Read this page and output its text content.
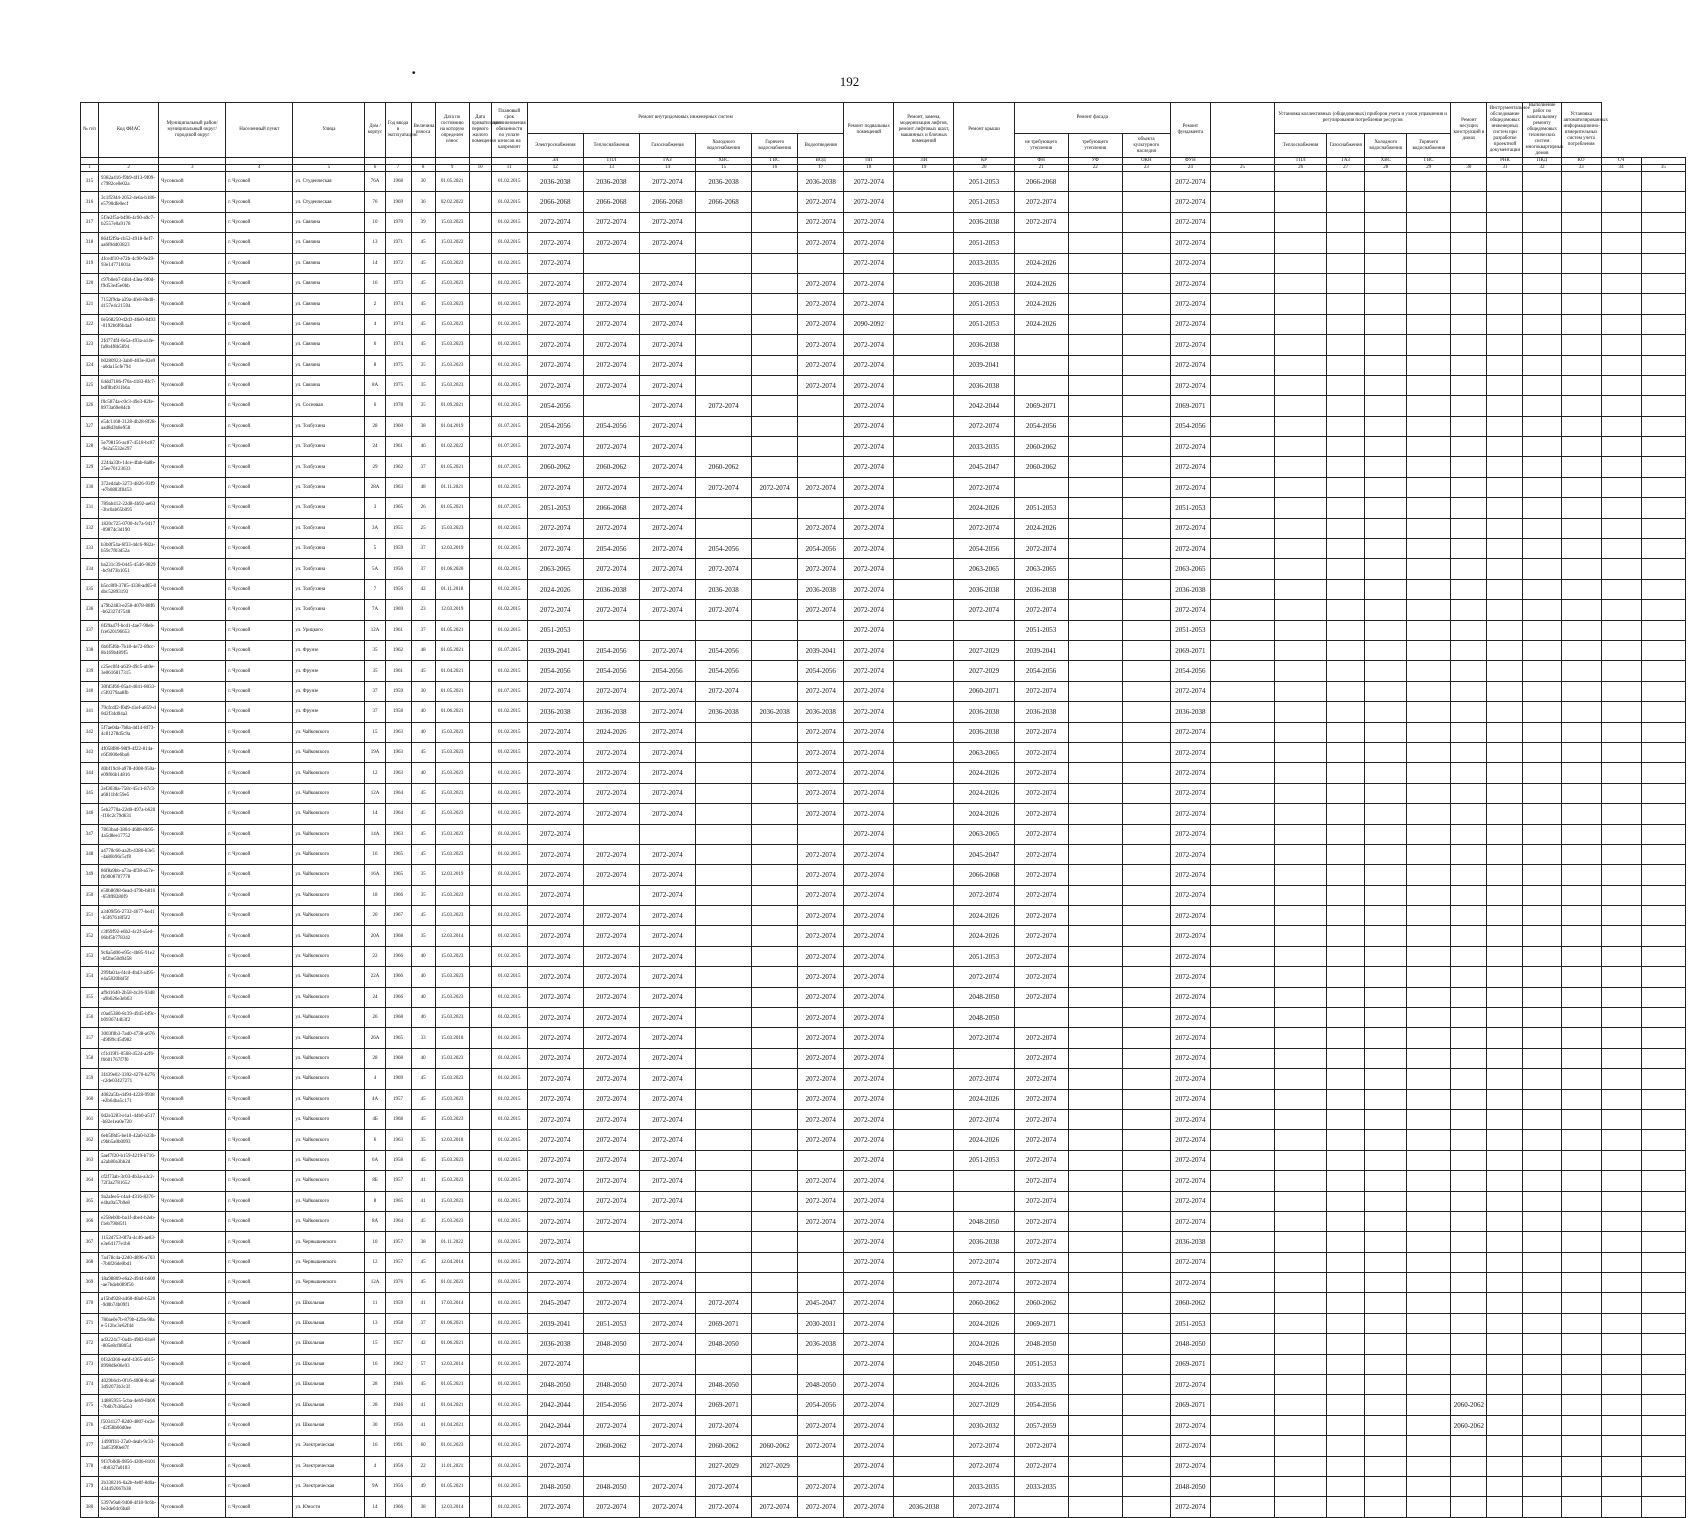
•
192
№ п/п	Код ФИАС	Муниципальный район/муниципальный округ/городской округ	Населенный пункт	Улица	Дом / корпус	Год ввода в эксплуатацию	Величина износа	Дата по состоянию на которую определен износ	Дата приватизации первого жилого помещения	Плановый срок возникновения обязанности по уплате взносов на капремонт	Ремонт внутридомовых инженерных систем						Ремонт подвальных помещений	Ремонт, замена, модернизация лифтов, ремонт лифтовых шахт, машинных и блочных помещений	Ремонт крыши	Ремонт фасада			Ремонт фундамента		Установка коллективных (общедомовых) приборов учета и узлов управления и регулирования потребления ресурсов				Ремонт несущих конструкций в домах	Инструментальное обследование общедомовых инженерных систем при разработке проектной документации	Выполнение работ по капитальному ремонту общедомовых технических систем многоквартирных домов	Установка автоматизированных информационно-измерительных систем учета потребления		
											Электроснабжения	Теплоснабжения	Газоснабжения	Холодного водоснабжения	Горячего водоснабжения	Водоотведения				не требующего утепления	требующего утепления	объекта культурного наследия			Теплоснабжения	Газоснабжения	Холодного водоснабжения	Горячего водоснабжения						
											ЭЛ	ТПЛ	ГАЗ	ХВС	ГВС	ВОД	ПП	ЛИ	КР	ФН	УФ	ОКН	ФУН		ТПЛ	ГАЗ	ХВС	ГВС		РНК	ПКД	КО	СЧ	
1	2	3	4	5	6	7	8	9	10	11	12	13	14	15	16	17	18	19	20	21	22	23	24	25	26	27	28	29	30	31	32	33	34	35
315	9382a416-f9b9-4f13-9f09-c7982ce0e02a	Чусовской	г. Чусовой	ул. Студенческая	76А	1968	30	01.05.2021		01.02.2015	2036-2038	2036-2038	2072-2074	2036-2038		2036-2038	2072-2074		2051-2053	2066-2068			2072-2074											
316	3c1f5944-2052-4e6a-b186-e5790dfe0ecf	Чусовской	г. Чусовой	ул. Студенческая	76	1969	36	02.02.2022		01.02.2015	2066-2068	2066-2068	2066-2068	2066-2068		2072-2074	2072-2074		2051-2053	2072-2074			2072-2074											
317	5f3e2f5a-b496-4c90-a9c7-b2557e0a9178	Чусовской	г. Чусовой	ул. Связина	10	1970	39	15.03.2023		01.02.2015	2072-2074	2072-2074	2072-2074			2072-2074	2072-2074		2036-2038	2072-2074			2072-2074											
318	864f2f9a-cb52-4918-9ef7-aa6f0dd03823	Чусовской	г. Чусовой	ул. Связина	13	1971	45	15.03.2022		01.02.2015	2072-2074	2072-2074	2072-2074			2072-2074	2072-2074		2051-2053				2072-2074											
319	4fce4f10-e72b-4c90-9e29-93e14771601a	Чусовской	г. Чусовой	ул. Связина	14	1972	45	15.03.2023		01.02.2015	2072-2074						2072-2074		2033-2035	2024-2026			2072-2074											
320	c97b0eb7-f484-43ea-9f0d-f9d53e45e0bb	Чусовской	г. Чусовой	ул. Связина	16	1973	45	15.03.2023		01.02.2015	2072-2074	2072-2074	2072-2074			2072-2074	2072-2074		2036-2038	2024-2026			2072-2074											
321	7152f9da-a39a-4fe8-8bd0-d157e4c21594	Чусовской	г. Чусовой	ул. Связина	2	1974	45	15.03.2023		01.02.2015	2072-2074	2072-2074	2072-2074			2072-2074	2072-2074		2051-2053	2024-2026			2072-2074											
322	6e568250-d2d3-46e0-8493-0192b6f6b4a4	Чусовской	г. Чусовой	ул. Связина	4	1974	45	15.03.2023		01.02.2015	2072-2074	2072-2074	2072-2074			2072-2074	2090-2092		2051-2053	2024-2026			2072-2074											
323	2fd774f4-0e5a-493a-a14e-fa9b4f8b5894	Чусовской	г. Чусовой	ул. Связина	6	1974	45	15.03.2023		01.02.2015	2072-2074	2072-2074	2072-2074			2072-2074	2072-2074		2036-2038				2072-2074											
324	b0280923-3ab0-403e-82e9-a0da15cfe794	Чусовской	г. Чусовой	ул. Связина	8	1975	35	15.03.2023		01.02.2015	2072-2074	2072-2074	2072-2074			2072-2074	2072-2074		2039-2041				2072-2074											
325	64dd7186-f70a-4183-8fc7-bdf0b4911b6a	Чусовской	г. Чусовой	ул. Связина	8А	1975	35	15.03.2023		01.02.2015	2072-2074	2072-2074	2072-2074			2072-2074	2072-2074		2036-2038				2072-2074											
326	f0c5874a-c0c3-49e3-82fe-8973a69e84cb	Чусовской	г. Чусовой	ул. Сосновая	6	1978	35	01.09.2021		01.02.2015	2054-2056		2072-2074	2072-2074			2072-2074		2042-2044	2069-2071			2069-2071											
327	e54c1168-3128-4b28-8f28-aad8d3b8e958	Чусовской	г. Чусовой	ул. Толбухина	28	1960	38	01.04.2019		01.07.2015	2054-2056	2054-2056	2072-2074				2072-2074		2072-2074	2054-2056			2054-2056											
328	5e798156-ac87-4518-bc87-9e2a5532e297	Чусовской	г. Чусовой	ул. Толбухина	24	1961	46	01.02.2022		01.07.2015	2072-2074	2072-2074	2072-2074				2072-2074		2033-2035	2060-2062			2072-2074											
329	2244a33b-14ce-4fab-8a0b-25ee70123633	Чусовской	г. Чусовой	ул. Толбухина	29	1962	37	01.05.2021		01.07.2015	2060-2062	2060-2062	2072-2074	2060-2062			2072-2074		2045-2047	2060-2062			2072-2074											
330	372ed4ab-3273-4826-93f9-e7b0883f8453	Чусовской	г. Чусовой	ул. Толбухина	28А	1963	48	01.11.2021		01.02.2015	2072-2074	2072-2074	2072-2074	2072-2074	2072-2074	2072-2074	2072-2074		2072-2074				2072-2074											
331	789ab412-22d8-4b92-ae63-3bc0ab65b095	Чусовской	г. Чусовой	ул. Толбухина	3	1965	26	01.05.2021		01.07.2015	2051-2053	2066-2068	2072-2074				2072-2074		2024-2026	2051-2053			2051-2053											
332	1820c725-0700-4c7a-9417-09874c3d190	Чусовской	г. Чусовой	ул. Толбухина	3А	1955	25	15.03.2023		01.02.2015	2072-2074	2072-2074	2072-2074			2072-2074	2072-2074		2072-2074	2024-2026			2072-2074											
333	b3b0f54a-6f33-4dc6-982a-b59c7f03d52a	Чусовской	г. Чусовой	ул. Толбухина	5	1959	37	12.03.2019		01.02.2015	2072-2074	2054-2056	2072-2074	2054-2056		2054-2056	2072-2074		2054-2056	2072-2074			2072-2074											
334	ba231c39-0445-4546-9829-bc9473b1051	Чусовской	г. Чусовой	ул. Толбухина	5А	1956	37	01.06.2020		01.02.2015	2063-2065	2072-2074	2072-2074	2072-2074		2072-2074	2072-2074		2063-2065	2063-2065			2063-2065											
335	b5cc8f0-3785-4338-ad65-8dbc52893193	Чусовской	г. Чусовой	ул. Толбухина	7	1956	42	01.11.2018		01.02.2015	2024-2026	2036-2038	2072-2074	2036-2038		2036-2038	2072-2074		2036-2038	2036-2038			2036-2038											
336	a79b2483-e258-4078-88f6-b6232747548	Чусовской	г. Чусовой	ул. Толбухина	7А	1969	23	12.03.2019		01.02.2015	2072-2074	2072-2074	2072-2074	2072-2074		2072-2074	2072-2074		2072-2074	2072-2074			2072-2074											
337	6f29a47f-bcd1-4ae7-90eb-fce620196653	Чусовской	г. Чусовой	ул. Урицкого	12А	1961	37	01.05.2021		01.02.2015	2051-2053						2072-2074			2051-2053			2051-2053											
338	6b6f5f6b-7b18-4e72-89cc-8b169b489f5	Чусовской	г. Чусовой	ул. Фрунзе	35	1962	48	01.05.2021		01.07.2015	2039-2041	2054-2056	2072-2074	2054-2056		2039-2041	2072-2074		2027-2029	2039-2041			2069-2071											
339	c25ec0f4-a639-49c5-ab9e-3e0616817315	Чусовской	г. Чусовой	ул. Фрунзе	35	1961	45	01.04.2021		01.02.2015	2054-2056	2054-2056	2054-2056	2054-2056		2054-2056	2072-2074		2027-2029	2054-2056			2054-2056											
340	30fd5f66-05a4-4041-8033-c5f0379aa8fb	Чусовской	г. Чусовой	ул. Фрунзе	37	1959	30	01.05.2021		01.07.2015	2072-2074	2072-2074	2072-2074	2072-2074		2072-2074	2072-2074		2060-2071	2072-2074			2072-2074											
341	79cfcdf2-f0d9-41ef-a859-d0d2f34d04a3	Чусовской	г. Чусовой	ул. Фрунзе	37	1958	40	01.06.2021		01.02.2015	2036-2038	2036-2038	2072-2074	2036-2038	2036-2038	2036-2038	2072-2074		2036-2038	2036-2038			2036-2038											
342	5f7ae0da-7b8a-4d14-8f73-4c81278d5c9a	Чусовской	г. Чусовой	ул. Чайковского	15	1963	40	15.03.2023		01.02.2015	2072-2074	2024-2026	2072-2074			2072-2074	2072-2074		2036-2038	2072-2074			2072-2074											
343	4f058f86-98f9-4f22-814a-c6f3000e6ba0	Чусовской	г. Чусовой	ул. Чайковского	19А	1963	45	15.03.2023		01.02.2015	2072-2074	2072-2074	2072-2074			2072-2074	2072-2074		2063-2065	2072-2074			2072-2074											
344	d0bf19c8-a978-4008-950a-e09f66b14816	Чусовской	г. Чусовой	ул. Чайковского	12	1963	40	15.03.2023		01.02.2015	2072-2074	2072-2074	2072-2074			2072-2074	2072-2074		2024-2026	2072-2074			2072-2074											
345	2ef3038a-758c-45c1-87c3-a6811bfc59e5	Чусовской	г. Чусовой	ул. Чайковского	12А	1964	45	15.03.2023		01.02.2015	2072-2074	2072-2074	2072-2074			2072-2074	2072-2074		2024-2026	2072-2074			2072-2074											
346	5eb2770a-22d0-497a-b628-f10c2c79d631	Чусовской	г. Чусовой	ул. Чайковского	14	1964	45	15.03.2023		01.02.2015	2072-2074	2072-2074	2072-2074			2072-2074	2072-2074		2024-2026	2072-2074			2072-2074											
347	7863bad-3804-4688-8b95-4a5d8ee17752	Чусовской	г. Чусовой	ул. Чайковского	14А	1963	45	15.03.2023		01.02.2015	2072-2074						2072-2074		2063-2065	2072-2074			2072-2074											
348	a4770c66-aa2b-4386-b3e5-4a86b96c5cf8	Чусовской	г. Чусовой	ул. Чайковского	16	1965	45	15.03.2023		01.02.2015	2072-2074	2072-2074	2072-2074			2072-2074	2072-2074		2045-2047	2072-2074			2072-2074											
349	86f8a9bb-a73a-4f38-a57e-fb9008707778	Чусовской	г. Чусовой	ул. Чайковского	16А	1965	35	12.03.2019		01.02.2015	2072-2074	2072-2074	2072-2074			2072-2074	2072-2074		2066-2068	2072-2074			2072-2074											
350	e50b8698-6ead-479b-b816-659ff8280f9	Чусовской	г. Чусовой	ул. Чайковского	18	1966	35	15.03.2023		01.02.2015	2072-2074		2072-2074			2072-2074	2072-2074		2072-2074	2072-2074			2072-2074											
351	a3409f56-2732-4677-be41-b5f67618f5f2	Чусовской	г. Чусовой	ул. Чайковского	20	1967	45	15.03.2023		01.02.2015	2072-2074	2072-2074	2072-2074			2072-2074	2072-2074		2024-2026	2072-2074			2072-2074											
352	c3f69f92-e6b2-4c2f-a5ed-06bf5b778342	Чусовской	г. Чусовой	ул. Чайковского	20А	1968	35	12.03.2014		01.02.2015	2072-2074	2072-2074	2072-2074			2072-2074	2072-2074		2024-2026	2072-2074			2072-2074											
353	9c6a5d06-e95c-4b85-91e2-bf2be50d9458	Чусовской	г. Чусовой	ул. Чайковского	22	1966	40	15.03.2023		01.02.2015	2072-2074	2072-2074	2072-2074			2072-2074	2072-2074		2051-2053	2072-2074			2072-2074											
354	299fa01a-f4cd-4bd3-a495-e4a5820bbf5f	Чусовской	г. Чусовой	ул. Чайковского	22А	1966	40	15.03.2023		01.02.2015	2072-2074	2072-2074	2072-2074			2072-2074	2072-2074		2072-2074	2072-2074			2072-2074											
355	af9d1640-2b58-4c26-93d8-a9b626e3eb63	Чусовской	г. Чусовой	ул. Чайковского	24	1966	40	15.03.2023		01.02.2015	2072-2074	2072-2074	2072-2074			2072-2074	2072-2074		2048-2050	2072-2074			2072-2074											
356	c0ad5380-8c39-4945-bf9c-b0936744b3f2	Чусовской	г. Чусовой	ул. Чайковского	26	1968	40	15.03.2023		01.02.2015	2072-2074	2072-2074	2072-2074			2072-2074	2072-2074		2048-2050				2072-2074											
357	3003f0b3-7ad0-4738-a676-d9f89c45d982	Чусовской	г. Чусовой	ул. Чайковского	26А	1965	33	15.03.2018		01.02.2015	2072-2074	2072-2074	2072-2074			2072-2074	2072-2074		2072-2074	2072-2074			2072-2074											
358	cf1d19f1-0568-4524-a2f6-f6601767f7f0	Чусовской	г. Чусовой	ул. Чайковского	28	1968	40	15.03.2023		01.02.2015	2072-2074	2072-2074	2072-2074			2072-2074	2072-2074			2072-2074			2072-2074											
359	3f439e02-3392-4270-b276-c2de03427271	Чусовской	г. Чусовой	ул. Чайковского	4	1969	45	15.03.2023		01.02.2015	2072-2074	2072-2074	2072-2074			2072-2074	2072-2074		2072-2074	2072-2074			2072-2074											
360	4082a5fa-d494-4228-9938-e2b64ba5c171	Чусовской	г. Чусовой	ул. Чайковского	4А	1957	45	15.03.2023		01.02.2015	2072-2074	2072-2074	2072-2074			2072-2074	2072-2074		2024-2026	2072-2074			2072-2074											
361	0d2e3283-e1a1-44b0-a517-b82e1ea0e720	Чусовской	г. Чусовой	ул. Чайковского	4Б	1968	45	15.03.2023		01.02.2015	2072-2074	2072-2074	2072-2074			2072-2074	2072-2074		2072-2074	2072-2074			2072-2074											
362	6eb5f8d5-be10-42a0-b23b-c9bb5a0b0093	Чусовской	г. Чусовой	ул. Чайковского	6	1963	35	12.03.2018		01.02.2015	2072-2074	2072-2074	2072-2074			2072-2074	2072-2074		2024-2026	2072-2074			2072-2074											
363	5aef7f20-b159-4219-b716-a2ab80a3bb2d	Чусовской	г. Чусовой	ул. Чайковского	6А	1958	45	15.03.2023		01.02.2015	2072-2074	2072-2074	2072-2074				2072-2074		2051-2053	2072-2074			2072-2074											
364	cf2f73ab-3c03-4b3a-a3c2-72f3a2781652	Чусовской	г. Чусовой	ул. Чайковского	8Б	1957	41	15.03.2023		01.02.2015	2072-2074	2072-2074	2072-2074			2072-2074	2072-2074			2072-2074			2072-2074											
365	9a2afee5-c4a4-4316-8376-e4ba9a57b9e8	Чусовской	г. Чусовой	ул. Чайковского	8	1965	41	15.03.2023		01.02.2015	2072-2074	2072-2074	2072-2074			2072-2074	2072-2074			2072-2074			2072-2074											
366	e258eb0b-ba1f-4be4-b2eb-f1eb79085f1	Чусовской	г. Чусовой	ул. Чайковского	8А	1964	45	15.03.2023		01.02.2015	2072-2074	2072-2074	2072-2074			2072-2074	2072-2074		2048-2050	2072-2074			2072-2074											
367	1152d753-0f7a-4c46-ae83-e3e64177e1b6	Чусовской	г. Чусовой	ул. Чернышевского	10	1957	38	01.11.2022		01.02.2015	2072-2074						2072-2074		2036-2038	2072-2074			2036-2038											
368	7a478c4a-22d0-4896-a703-7b6f26de0bd1	Чусовской	г. Чусовой	ул. Чернышевского	12	1957	45	12.04.2014		01.02.2015	2072-2074	2072-2074	2072-2074				2072-2074		2072-2074	2072-2074			2072-2074											
369	18a98809-e6a2-4944-b600-ae7bdeb089f50	Чусовской	г. Чусовой	ул. Чернышевского	12А	1976	45	01.01.2023		01.02.2015	2072-2074	2072-2074	2072-2074				2072-2074		2072-2074	2072-2074			2072-2074											
370	a15bd928-a468-48a0-b526-9d0b74b09f1	Чусовской	г. Чусовой	ул. Школьная	11	1959	41	17.03.2014		01.02.2015	2045-2047	2072-2074	2072-2074	2072-2074		2045-2047	2072-2074		2060-2062	2060-2062			2060-2062											
371	780ae0e7b-879b-429a-98ae-512bc3e62f4d	Чусовской	г. Чусовой	ул. Школьная	13	1958	37	01.06.2021		01.02.2015	2039-2041	2051-2053	2072-2074	2069-2071		2030-2031	2072-2074		2024-2026	2069-2071			2051-2053											
372	ad3224c7-0a4b-4983-81e8-805e8cf08054	Чусовской	г. Чусовой	ул. Школьная	15	1957	42	01.06.2021		01.02.2015	2036-2038	2048-2050	2072-2074	2048-2050		2036-2038	2072-2074		2024-2026	2048-2050			2048-2050											
373	0f32d366-ea6f-4365-a015-8998dfe06e93	Чусовской	г. Чусовой	ул. Школьная	16	1962	57	12.03.2014		01.02.2015	2072-2074						2072-2074		2048-2050	2051-2053			2069-2071											
374	4029b6cb-0f16-4008-8cad-3d92073b3c3f	Чусовской	г. Чусовой	ул. Школьная	28	1946	45	01.05.2021		01.02.2015	2048-2050	2048-2050	2072-2074	2048-2050		2048-2050	2072-2074		2024-2026	2033-2035			2072-2074											
375	14885955-5cba-4eb9-8b06-7b6b7b38a5e3	Чусовской	г. Чусовой	ул. Школьная	28	1946	41	01.04.2021		01.02.2015	2042-2044	2054-2056	2072-2074	2069-2071		2054-2056	2072-2074		2027-2029	2054-2056			2069-2071						2060-2062					
376	f5034127-82d0-4807-bc2e-d2f58b66d0ee	Чусовской	г. Чусовой	ул. Школьная	30	1956	41	01.04.2021		01.02.2015	2042-2044	2072-2074	2072-2074	2072-2074		2072-2074	2072-2074		2030-2032	2057-2059			2072-2074						2060-2062					
377	1499ff41-27a0-4eab-9c33-3a0539f0e87f	Чусовской	г. Чусовой	ул. Электрическая	16	1991	60	01.01.2023		01.02.2015	2072-2074	2060-2062	2072-2074	2060-2062	2060-2062	2072-2074	2072-2074		2072-2074	2072-2074			2072-2074											
378	9f37b0d6-9856-4206-8101-4b0327a0183	Чусовской	г. Чусовой	ул. Электрическая	4	1956	22	11.01.2021		01.02.2015	2072-2074			2027-2029	2027-2029		2072-2074		2072-2074	2072-2074			2072-2074											
379	2b338216-0a2b-4e0f-8d6a-434492067b38	Чусовской	г. Чусовой	ул. Электрическая	9А	1956	49	01.05.2021		01.02.2015	2048-2050	2048-2050	2072-2074	2072-2074		2072-2074	2072-2074		2033-2035	2033-2035			2048-2050											
380	5397e9a8-9408-4f18-9c6b-be3de04c6ba8	Чусовской	г. Чусовой	ул. Юности	14	1966	38	12.03.2014		01.02.2015	2072-2074	2072-2074	2072-2074	2072-2074	2072-2074	2072-2074	2072-2074	2036-2038	2072-2074				2072-2074											
